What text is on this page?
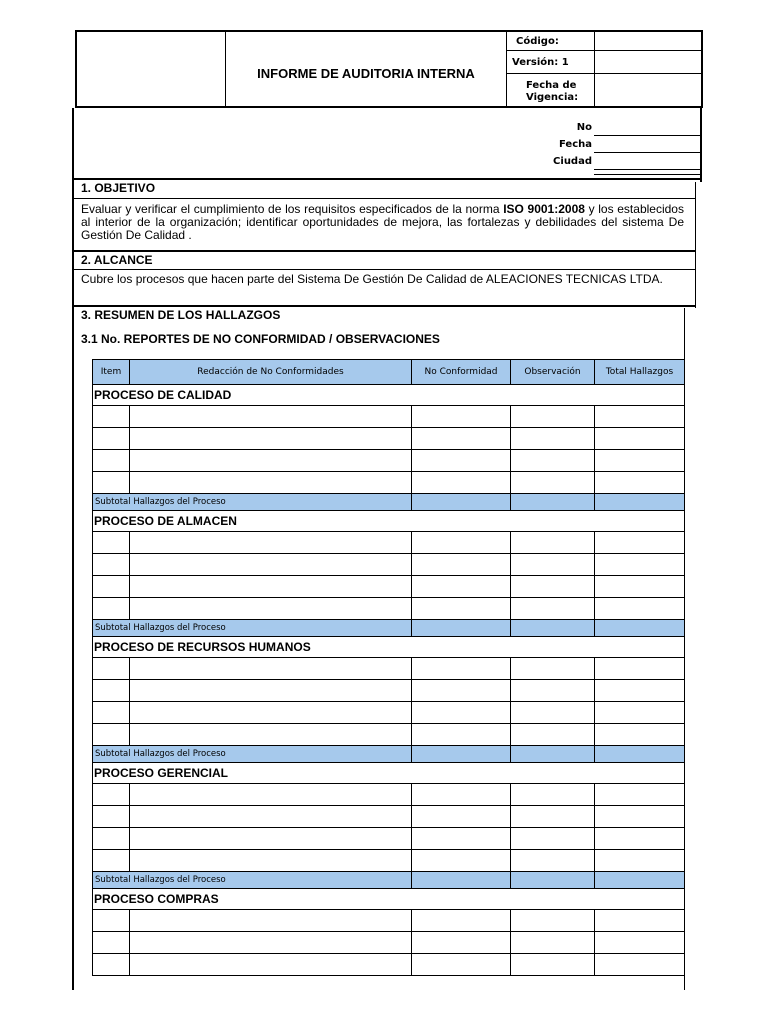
INFORME DE AUDITORIA INTERNA
Código:
Versión: 1
Fecha de
Vigencia:
No
Fecha
Ciudad
1. OBJETIVO
Evaluar y verificar el cumplimiento de los requisitos especificados de la norma ISO 9001:2008 y los establecidos al interior de la organización; identificar oportunidades de mejora, las fortalezas y debilidades del sistema De Gestión De Calidad .
2. ALCANCE
Cubre los procesos que hacen parte del Sistema De Gestión De Calidad de ALEACIONES TECNICAS LTDA.
3. RESUMEN DE LOS HALLAZGOS
3.1 No. REPORTES DE NO CONFORMIDAD / OBSERVACIONES
Item	Redacción de No Conformidades	No Conformidad	Observación	Total Hallazgos
PROCESO DE CALIDAD				

Subtotal Hallazgos del Proceso				
PROCESO DE ALMACEN				

Subtotal Hallazgos del Proceso				
PROCESO DE RECURSOS HUMANOS				

Subtotal Hallazgos del Proceso				
PROCESO GERENCIAL				

Subtotal Hallazgos del Proceso				
PROCESO COMPRAS				
